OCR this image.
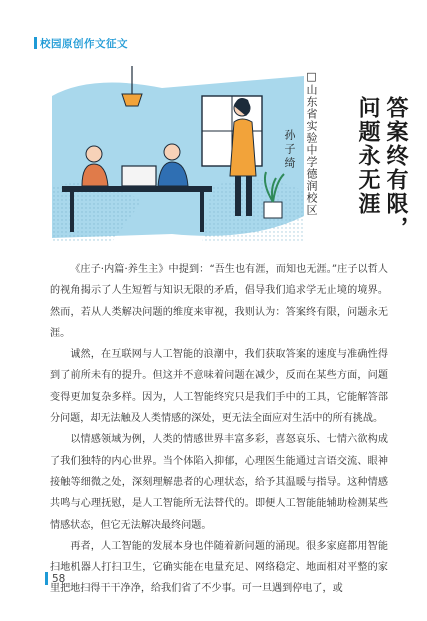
校园原创作文征文
答案终有限，
问题永无涯
□山东省实验中学德润校区
孙子绮

《庄子·内篇·养生主》中提到：“吾生也有涯，而知也无涯。”庄子以哲人的视角揭示了人生短暂与知识无限的矛盾，倡导我们追求学无止境的境界。然而，若从人类解决问题的维度来审视，我则认为：答案终有限，问题永无涯。

诚然，在互联网与人工智能的浪潮中，我们获取答案的速度与准确性得到了前所未有的提升。但这并不意味着问题在减少，反而在某些方面，问题变得更加复杂多样。因为，人工智能终究只是我们手中的工具，它能解答部分问题，却无法触及人类情感的深处，更无法全面应对生活中的所有挑战。

以情感领域为例，人类的情感世界丰富多彩，喜怒哀乐、七情六欲构成了我们独特的内心世界。当个体陷入抑郁，心理医生能通过言语交流、眼神接触等细微之处，深刻理解患者的心理状态，给予其温暖与指导。这种情感共鸣与心理抚慰，是人工智能所无法替代的。即便人工智能能辅助检测某些情感状态，但它无法解决最终问题。

再者，人工智能的发展本身也伴随着新问题的涌现。很多家庭都用智能扫地机器人打扫卫生，它确实能在电量充足、网络稳定、地面相对平整的家里把地扫得干干净净，给我们省了不少事。可一旦遇到停电了，或

58
